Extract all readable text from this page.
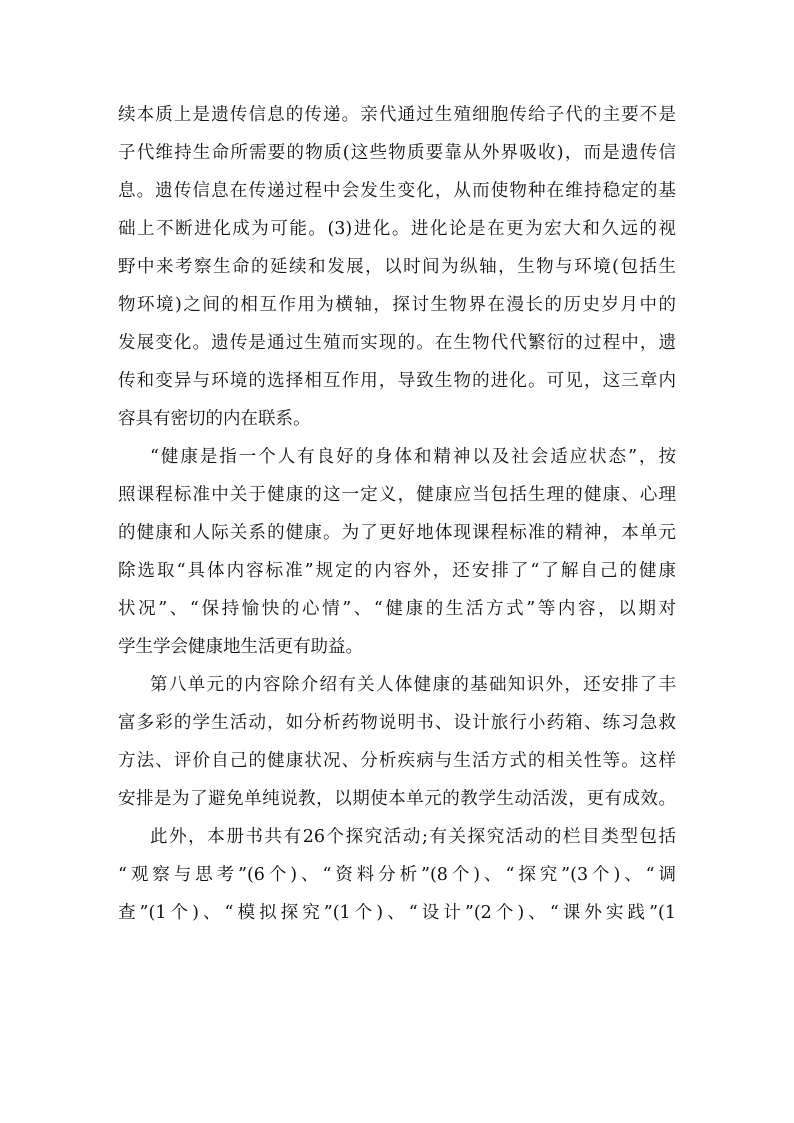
续本质上是遗传信息的传递。亲代通过生殖细胞传给子代的主要不是
子代维持生命所需要的物质(这些物质要靠从外界吸收)，而是遗传信
息。遗传信息在传递过程中会发生变化，从而使物种在维持稳定的基
础上不断进化成为可能。(3)进化。进化论是在更为宏大和久远的视
野中来考察生命的延续和发展，以时间为纵轴，生物与环境(包括生
物环境)之间的相互作用为横轴，探讨生物界在漫长的历史岁月中的
发展变化。遗传是通过生殖而实现的。在生物代代繁衍的过程中，遗
传和变异与环境的选择相互作用，导致生物的进化。可见，这三章内
容具有密切的内在联系。
“健康是指一个人有良好的身体和精神以及社会适应状态”，按
照课程标准中关于健康的这一定义，健康应当包括生理的健康、心理
的健康和人际关系的健康。为了更好地体现课程标准的精神，本单元
除选取“具体内容标准”规定的内容外，还安排了“了解自己的健康
状况”、“保持愉快的心情”、“健康的生活方式”等内容，以期对
学生学会健康地生活更有助益。
第八单元的内容除介绍有关人体健康的基础知识外，还安排了丰
富多彩的学生活动，如分析药物说明书、设计旅行小药箱、练习急救
方法、评价自己的健康状况、分析疾病与生活方式的相关性等。这样
安排是为了避免单纯说教，以期使本单元的教学生动活泼，更有成效。
此外，本册书共有26个探究活动;有关探究活动的栏目类型包括
“观察与思考”(6个)、“资料分析”(8个)、“探究”(3个)、“调
查”(1个)、“模拟探究”(1个)、“设计”(2个)、“课外实践”(1
